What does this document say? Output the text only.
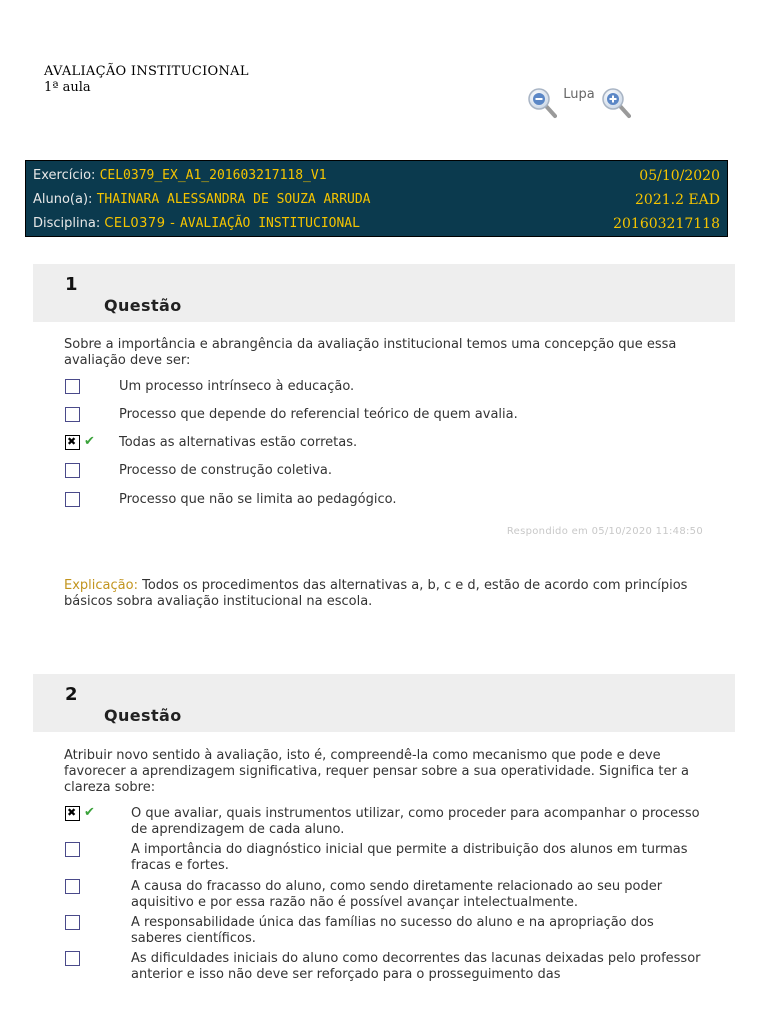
AVALIAÇÃO INSTITUCIONAL
1ª aula	Lupa
Exercício: CEL0379_EX_A1_201603217118_V1	05/10/2020
Aluno(a): THAINARA ALESSANDRA DE SOUZA ARRUDA	2021.2 EAD
Disciplina: CEL0379 - AVALIAÇÃO INSTITUCIONAL	201603217118
1
Questão
Sobre a importância e abrangência da avaliação institucional temos uma concepção que essa avaliação deve ser:
Um processo intrínseco à educação.
Processo que depende do referencial teórico de quem avalia.
✖
✔ Todas as alternativas estão corretas.
Processo de construção coletiva.
Processo que não se limita ao pedagógico.
Respondido em 05/10/2020 11:48:50
Explicação: Todos os procedimentos das alternativas a, b, c e d, estão de acordo com princípios básicos sobra avaliação institucional na escola.
2
Questão
Atribuir novo sentido à avaliação, isto é, compreendê-la como mecanismo que pode e deve favorecer a aprendizagem significativa, requer pensar sobre a sua operatividade. Significa ter a clareza sobre:
✖
✔	O que avaliar, quais instrumentos utilizar, como proceder para acompanhar o processo de aprendizagem de cada aluno.
A importância do diagnóstico inicial que permite a distribuição dos alunos em turmas fracas e fortes.
A causa do fracasso do aluno, como sendo diretamente relacionado ao seu poder aquisitivo e por essa razão não é possível avançar intelectualmente.
A responsabilidade única das famílias no sucesso do aluno e na apropriação dos saberes científicos.
As dificuldades iniciais do aluno como decorrentes das lacunas deixadas pelo professor anterior e isso não deve ser reforçado para o prosseguimento das
